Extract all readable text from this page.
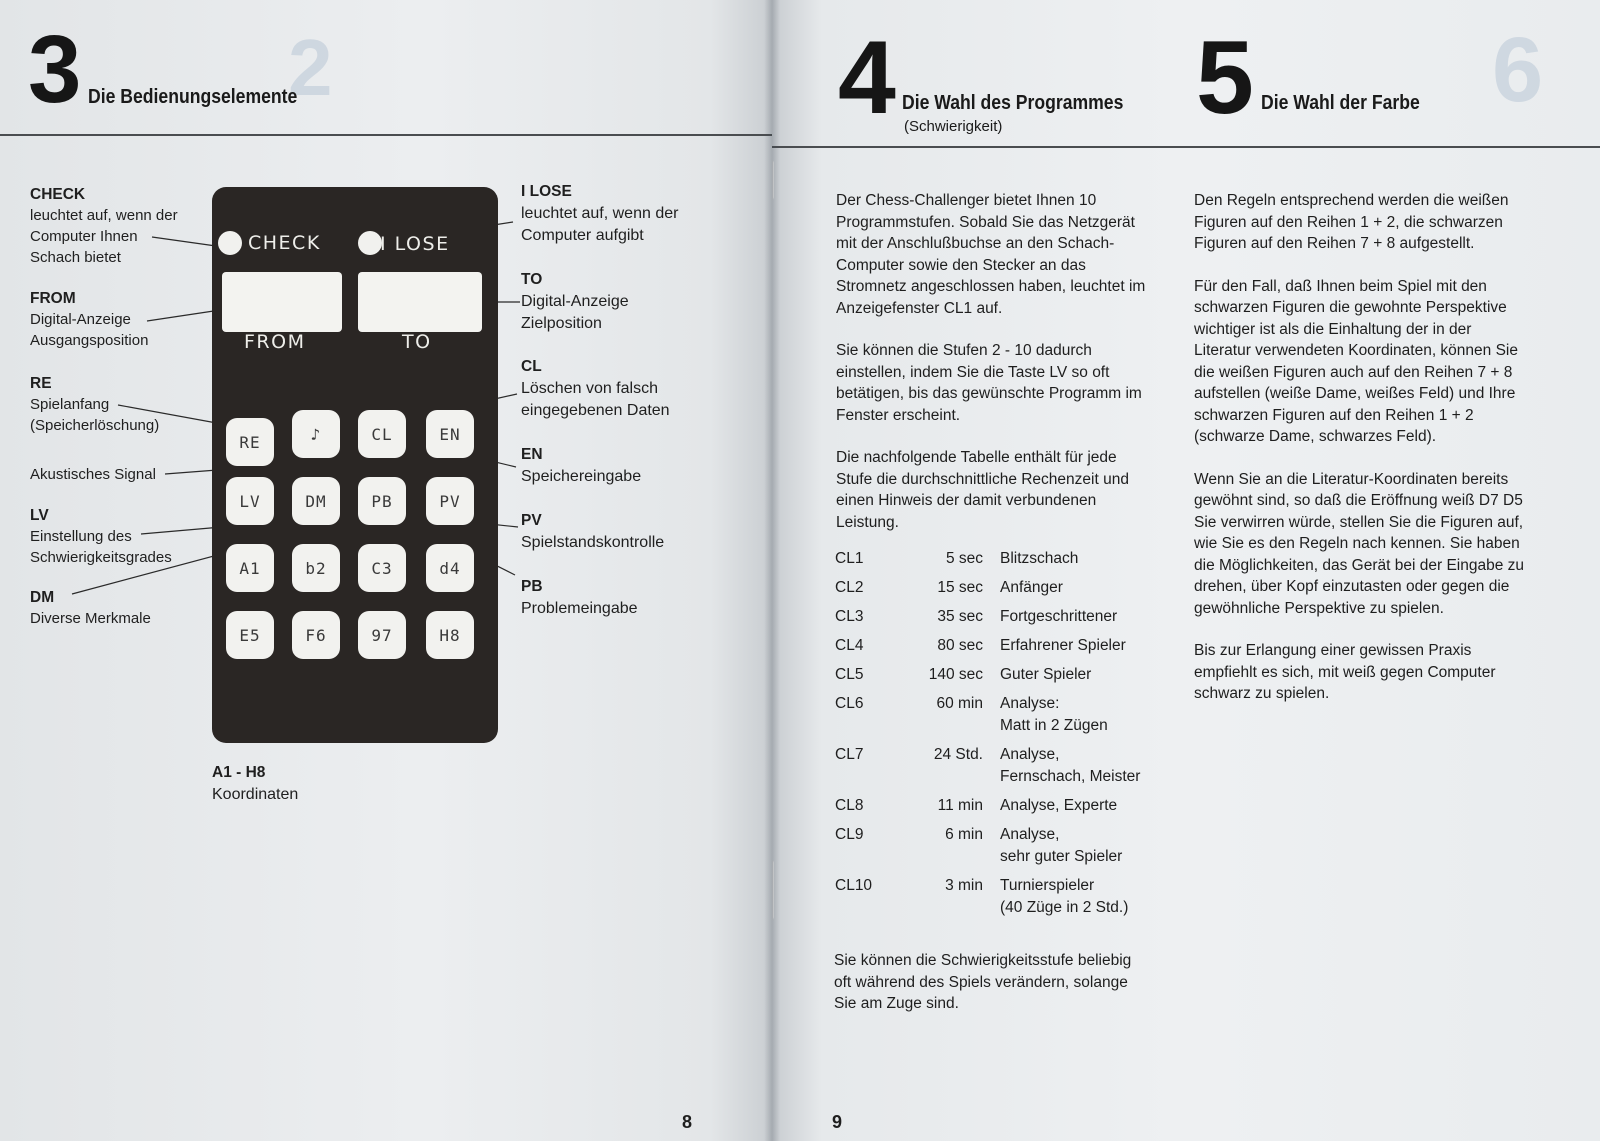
2
3 Die Bedienungselemente
CHECK
leuchtet auf, wenn der
Computer Ihnen
Schach bietet
FROM
Digital-Anzeige
Ausgangsposition
RE
Spielanfang
(Speicherlöschung)
Akustisches Signal
LV
Einstellung des
Schwierigkeitsgrades
DM
Diverse Merkmale
I LOSE
leuchtet auf, wenn der
Computer aufgibt
TO
Digital-Anzeige
Zielposition
CL
Löschen von falsch
eingegebenen Daten
EN
Speichereingabe
PV
Spielstandskontrolle
PB
Problemeingabe
A1 - H8
Koordinaten
CHECK	I LOSE
FROM	TO
RE	♪	CL	EN
LV	DM	PB	PV
A1	b2	C3	d4
E5	F6	97	H8
8
6
4 Die Wahl des Programmes
(Schwierigkeit) 5 Die Wahl der Farbe

Der Chess-Challenger bietet Ihnen 10 Programmstufen. Sobald Sie das Netzgerät mit der Anschlußbuchse an den Schach-Computer sowie den Stecker an das Stromnetz angeschlossen haben, leuchtet im Anzeigefenster CL1 auf.

Sie können die Stufen 2 - 10 dadurch einstellen, indem Sie die Taste LV so oft betätigen, bis das gewünschte Programm im Fenster erscheint.

Die nachfolgende Tabelle enthält für jede Stufe die durchschnittliche Rechenzeit und einen Hinweis der damit verbundenen Leistung.

Sie können die Schwierigkeitsstufe beliebig oft während des Spiels verändern, solange Sie am Zuge sind.

Den Regeln entsprechend werden die weißen Figuren auf den Reihen 1 + 2, die schwarzen Figuren auf den Reihen 7 + 8 aufgestellt.

Für den Fall, daß Ihnen beim Spiel mit den schwarzen Figuren die gewohnte Perspektive wichtiger ist als die Einhaltung der in der Literatur verwendeten Koordinaten, können Sie die weißen Figuren auch auf den Reihen 7 + 8 aufstellen (weiße Dame, weißes Feld) und Ihre schwarzen Figuren auf den Reihen 1 + 2 (schwarze Dame, schwarzes Feld).

Wenn Sie an die Literatur-Koordinaten bereits gewöhnt sind, so daß die Eröffnung weiß D7 D5 Sie verwirren würde, stellen Sie die Figuren auf, wie Sie es den Regeln nach kennen. Sie haben die Möglichkeiten, das Gerät bei der Eingabe zu drehen, über Kopf einzutasten oder gegen die gewöhnliche Perspektive zu spielen.

Bis zur Erlangung einer gewissen Praxis empfiehlt es sich, mit weiß gegen Computer schwarz zu spielen.

9
CL1	5 sec Blitzschach
CL2	15 sec Anfänger
CL3	35 sec Fortgeschrittener
CL4	80 sec Erfahrener Spieler
CL5	140 sec Guter Spieler
CL6	60 min Analyse:
Matt in 2 Zügen
CL7	24 Std. Analyse,
Fernschach, Meister
CL8	11 min Analyse, Experte
CL9	6 min Analyse,
sehr guter Spieler
CL10	3 min Turnierspieler
(40 Züge in 2 Std.)
